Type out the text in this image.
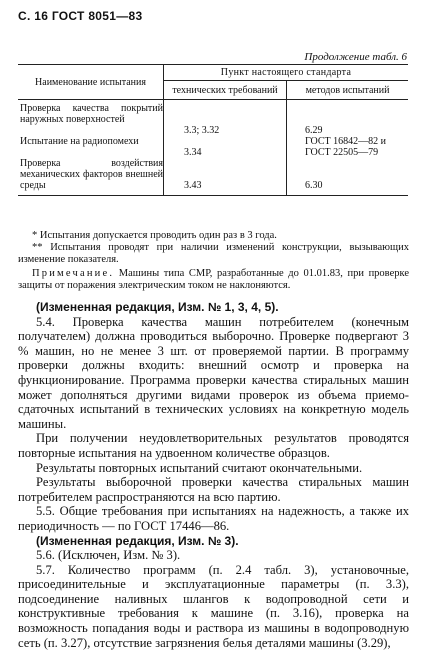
С. 16 ГОСТ 8051—83
Продолжение табл. 6
Наименование испытания	Пункт настоящего стандарта	
	технических требований	методов испытаний
Проверка качества покрытий наружных поверхностей	3.3; 3.32	6.29
Испытание на радиопомехи	3.34	ГОСТ 16842—82 и ГОСТ 22505—79
Проверка воздействия механических факторов внешней среды	3.43	6.30
* Испытания допускается проводить один раз в 3 года.
** Испытания проводят при наличии изменений конструкции, вызывающих изменение показателя.
Примечание. Машины типа СМР, разработанные до 01.01.83, при проверке защиты от поражения электрическим током не наклоняются.

(Измененная редакция, Изм. № 1, 3, 4, 5).

5.4. Проверка качества машин потребителем (конечным получателем) должна проводиться выборочно. Проверке подвергают 3 % машин, но не менее 3 шт. от проверяемой партии. В программу проверки должны входить: внешний осмотр и проверка на функционирование. Программа проверки качества стиральных машин может дополняться другими видами проверок из объема приемо-сдаточных испытаний в технических условиях на конкретную модель машины.

При получении неудовлетворительных результатов проводятся повторные испытания на удвоенном количестве образцов.

Результаты повторных испытаний считают окончательными.

Результаты выборочной проверки качества стиральных машин потребителем распространяются на всю партию.

5.5. Общие требования при испытаниях на надежность, а также их периодичность — по ГОСТ 17446—86.

(Измененная редакция, Изм. № 3).

5.6. (Исключен, Изм. № 3).

5.7. Количество программ (п. 2.4 табл. 3), установочные, присоединительные и эксплуатационные параметры (п. 3.3), подсоединение наливных шлангов к водопроводной сети и конструктивные требования к машине (п. 3.16), проверка на возможность попадания воды и раствора из машины в водопроводную сеть (п. 3.27), отсутствие загрязнения белья деталями машины (3.29),
